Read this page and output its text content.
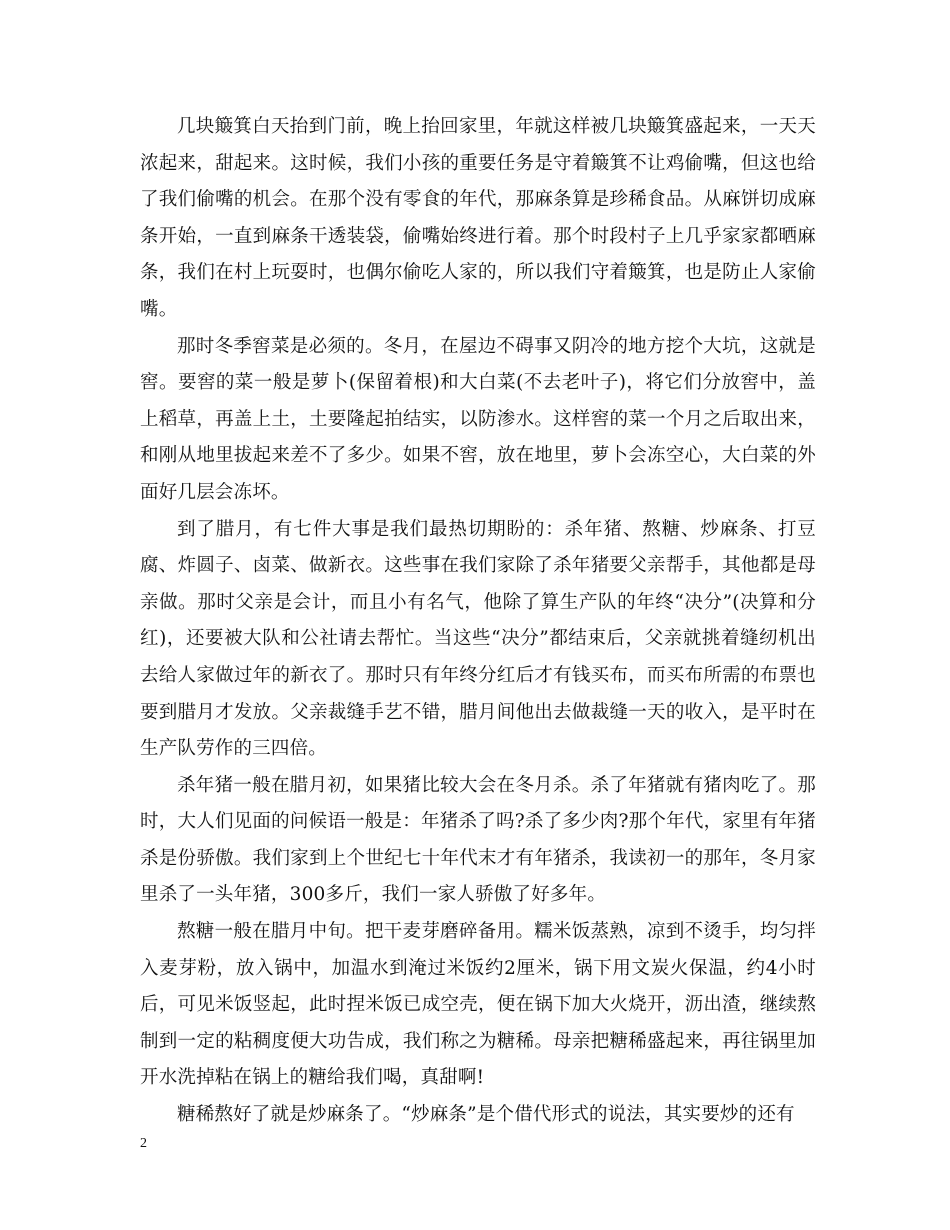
几块簸箕白天抬到门前，晚上抬回家里，年就这样被几块簸箕盛起来，一天天浓起来，甜起来。这时候，我们小孩的重要任务是守着簸箕不让鸡偷嘴，但这也给了我们偷嘴的机会。在那个没有零食的年代，那麻条算是珍稀食品。从麻饼切成麻条开始，一直到麻条干透装袋，偷嘴始终进行着。那个时段村子上几乎家家都晒麻条，我们在村上玩耍时，也偶尔偷吃人家的，所以我们守着簸箕，也是防止人家偷嘴。

那时冬季窖菜是必须的。冬月，在屋边不碍事又阴冷的地方挖个大坑，这就是窖。要窖的菜一般是萝卜(保留着根)和大白菜(不去老叶子)，将它们分放窖中，盖上稻草，再盖上土，土要隆起拍结实，以防渗水。这样窖的菜一个月之后取出来，和刚从地里拔起来差不了多少。如果不窖，放在地里，萝卜会冻空心，大白菜的外面好几层会冻坏。

到了腊月，有七件大事是我们最热切期盼的：杀年猪、熬糖、炒麻条、打豆腐、炸圆子、卤菜、做新衣。这些事在我们家除了杀年猪要父亲帮手，其他都是母亲做。那时父亲是会计，而且小有名气，他除了算生产队的年终“决分”(决算和分红)，还要被大队和公社请去帮忙。当这些“决分”都结束后，父亲就挑着缝纫机出去给人家做过年的新衣了。那时只有年终分红后才有钱买布，而买布所需的布票也要到腊月才发放。父亲裁缝手艺不错，腊月间他出去做裁缝一天的收入，是平时在生产队劳作的三四倍。

杀年猪一般在腊月初，如果猪比较大会在冬月杀。杀了年猪就有猪肉吃了。那时，大人们见面的问候语一般是：年猪杀了吗?杀了多少肉?那个年代，家里有年猪杀是份骄傲。我们家到上个世纪七十年代末才有年猪杀，我读初一的那年，冬月家里杀了一头年猪，300多斤，我们一家人骄傲了好多年。

熬糖一般在腊月中旬。把干麦芽磨碎备用。糯米饭蒸熟，凉到不烫手，均匀拌入麦芽粉，放入锅中，加温水到淹过米饭约2厘米，锅下用文炭火保温，约4小时后，可见米饭竖起，此时捏米饭已成空壳，便在锅下加大火烧开，沥出渣，继续熬制到一定的粘稠度便大功告成，我们称之为糖稀。母亲把糖稀盛起来，再往锅里加开水洗掉粘在锅上的糖给我们喝，真甜啊!

糖稀熬好了就是炒麻条了。“炒麻条”是个借代形式的说法，其实要炒的还有

2
